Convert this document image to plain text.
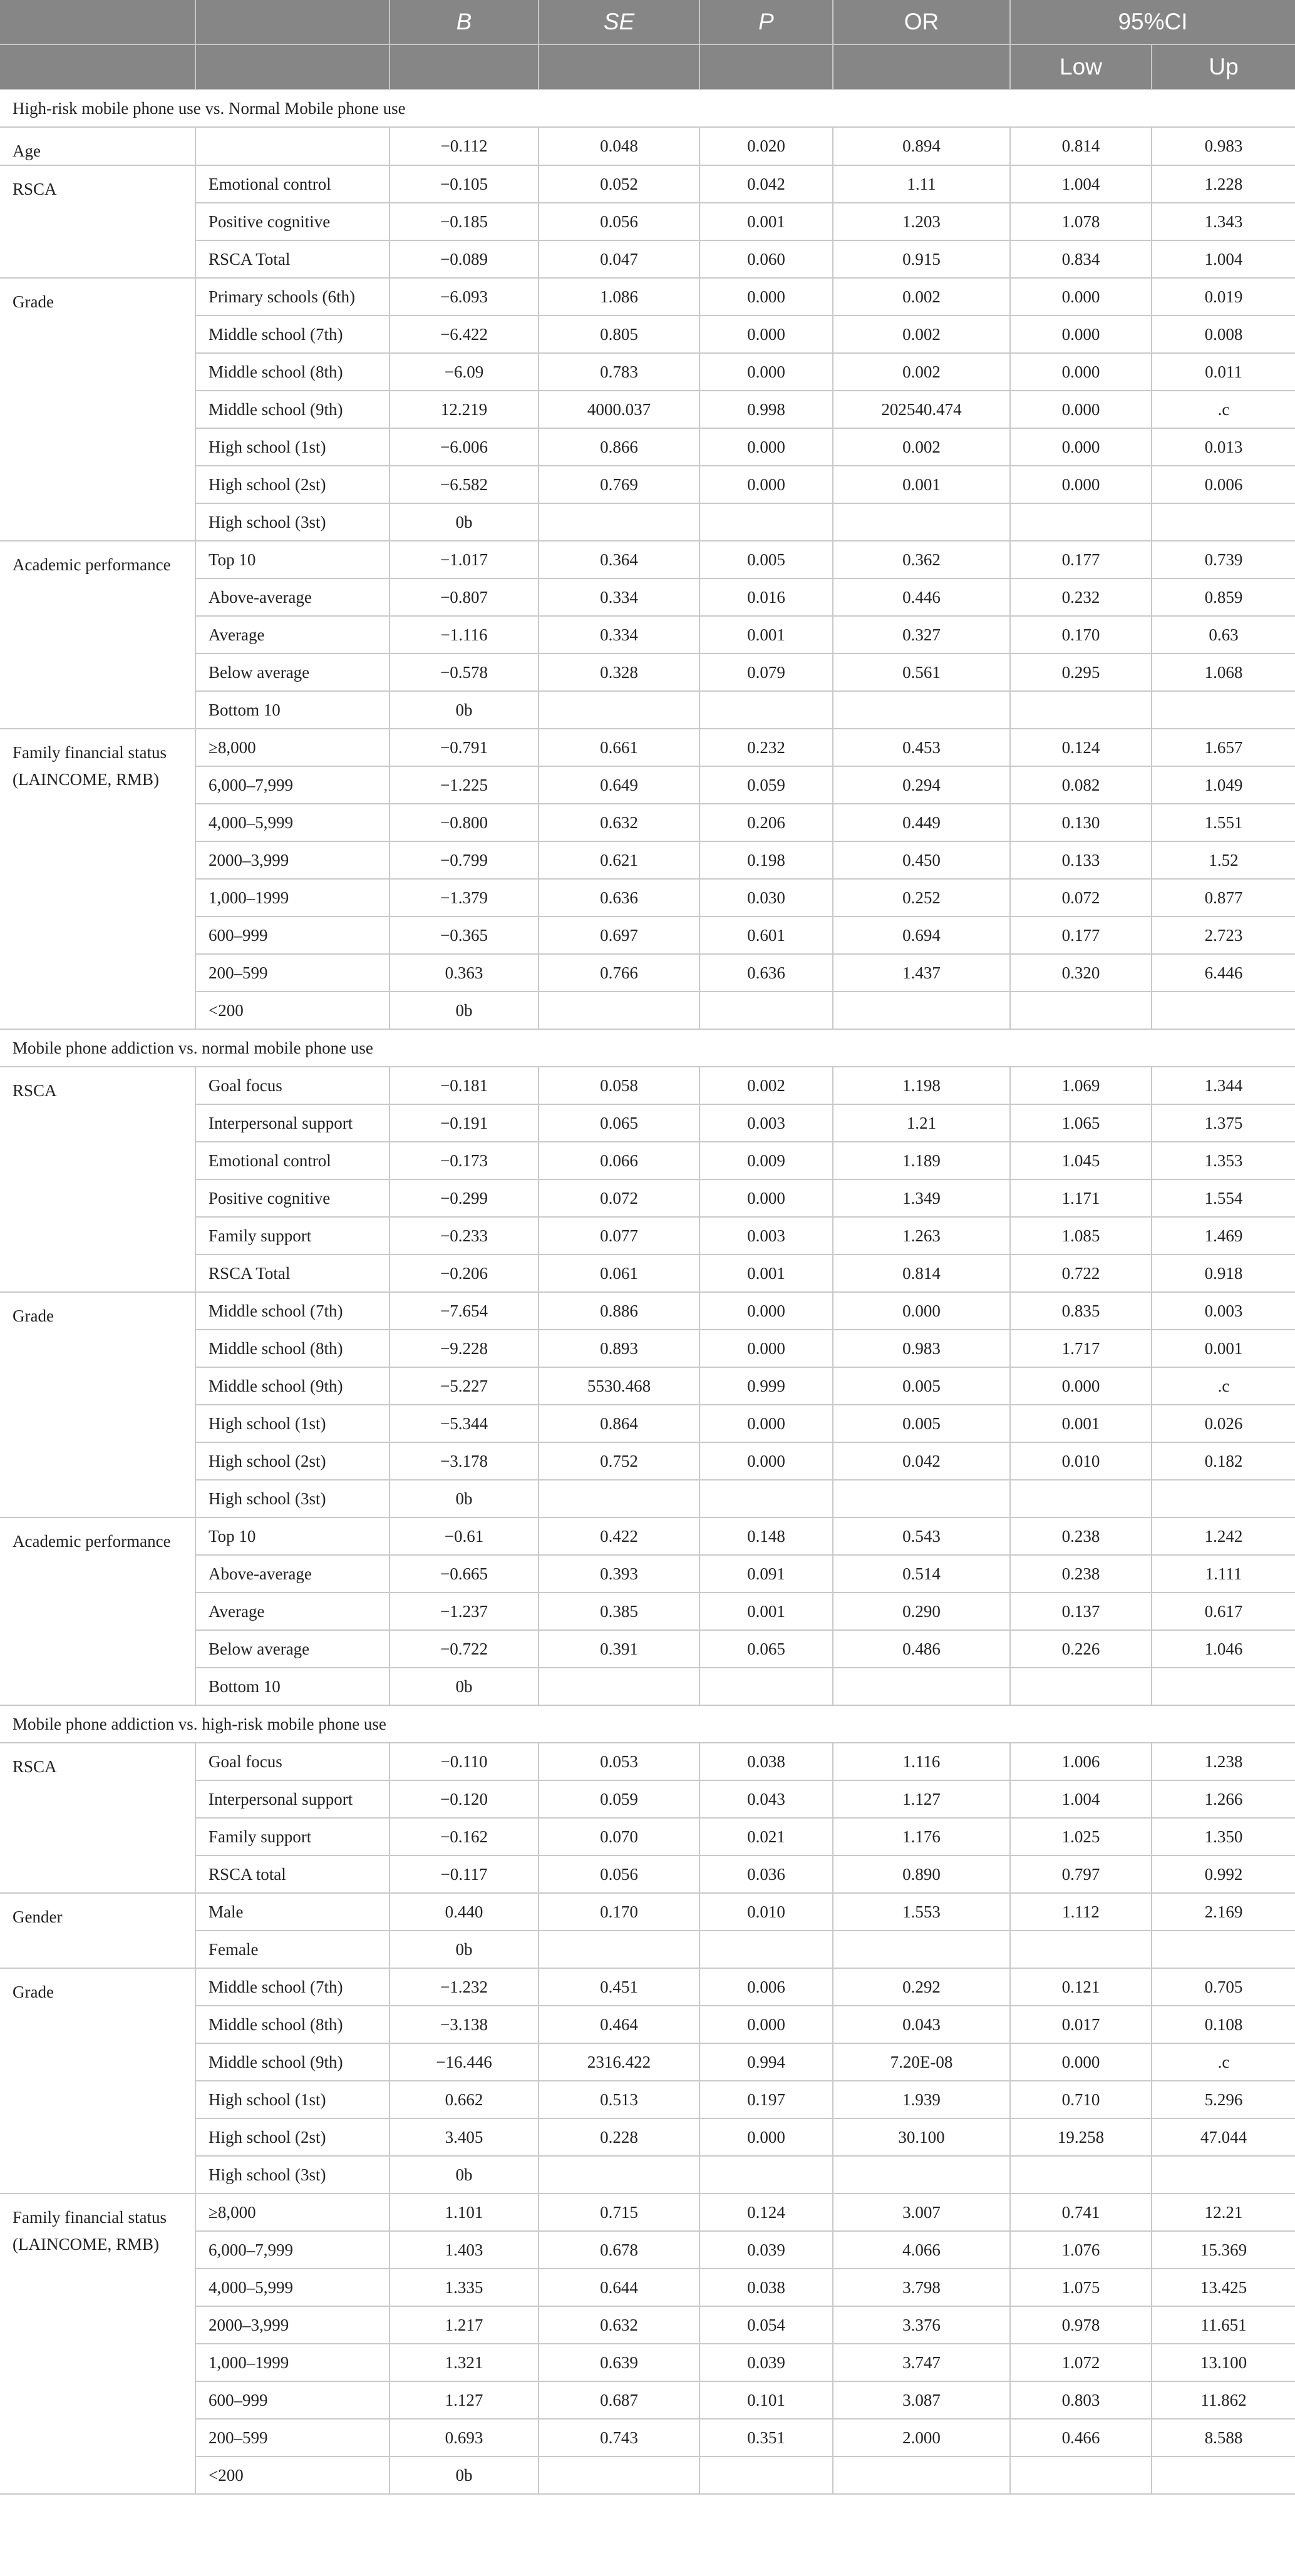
		B	SE	P	OR	95%CI	
						Low	Up
High-risk mobile phone use vs. Normal Mobile phone use							
Age		−0.112	0.048	0.020	0.894	0.814	0.983
RSCA	Emotional control	−0.105	0.052	0.042	1.11	1.004	1.228
	Positive cognitive	−0.185	0.056	0.001	1.203	1.078	1.343
	RSCA Total	−0.089	0.047	0.060	0.915	0.834	1.004
Grade	Primary schools (6th)	−6.093	1.086	0.000	0.002	0.000	0.019
	Middle school (7th)	−6.422	0.805	0.000	0.002	0.000	0.008
	Middle school (8th)	−6.09	0.783	0.000	0.002	0.000	0.011
	Middle school (9th)	12.219	4000.037	0.998	202540.474	0.000	.c
	High school (1st)	−6.006	0.866	0.000	0.002	0.000	0.013
	High school (2st)	−6.582	0.769	0.000	0.001	0.000	0.006
	High school (3st)	0b					
Academic performance	Top 10	−1.017	0.364	0.005	0.362	0.177	0.739
	Above-average	−0.807	0.334	0.016	0.446	0.232	0.859
	Average	−1.116	0.334	0.001	0.327	0.170	0.63
	Below average	−0.578	0.328	0.079	0.561	0.295	1.068
	Bottom 10	0b					
Family financial status (LAINCOME, RMB)	≥8,000	−0.791	0.661	0.232	0.453	0.124	1.657
	6,000–7,999	−1.225	0.649	0.059	0.294	0.082	1.049
	4,000–5,999	−0.800	0.632	0.206	0.449	0.130	1.551
	2000–3,999	−0.799	0.621	0.198	0.450	0.133	1.52
	1,000–1999	−1.379	0.636	0.030	0.252	0.072	0.877
	600–999	−0.365	0.697	0.601	0.694	0.177	2.723
	200–599	0.363	0.766	0.636	1.437	0.320	6.446
	<200	0b					
Mobile phone addiction vs. normal mobile phone use							
RSCA	Goal focus	−0.181	0.058	0.002	1.198	1.069	1.344
	Interpersonal support	−0.191	0.065	0.003	1.21	1.065	1.375
	Emotional control	−0.173	0.066	0.009	1.189	1.045	1.353
	Positive cognitive	−0.299	0.072	0.000	1.349	1.171	1.554
	Family support	−0.233	0.077	0.003	1.263	1.085	1.469
	RSCA Total	−0.206	0.061	0.001	0.814	0.722	0.918
Grade	Middle school (7th)	−7.654	0.886	0.000	0.000	0.835	0.003
	Middle school (8th)	−9.228	0.893	0.000	0.983	1.717	0.001
	Middle school (9th)	−5.227	5530.468	0.999	0.005	0.000	.c
	High school (1st)	−5.344	0.864	0.000	0.005	0.001	0.026
	High school (2st)	−3.178	0.752	0.000	0.042	0.010	0.182
	High school (3st)	0b					
Academic performance	Top 10	−0.61	0.422	0.148	0.543	0.238	1.242
	Above-average	−0.665	0.393	0.091	0.514	0.238	1.111
	Average	−1.237	0.385	0.001	0.290	0.137	0.617
	Below average	−0.722	0.391	0.065	0.486	0.226	1.046
	Bottom 10	0b					
Mobile phone addiction vs. high-risk mobile phone use							
RSCA	Goal focus	−0.110	0.053	0.038	1.116	1.006	1.238
	Interpersonal support	−0.120	0.059	0.043	1.127	1.004	1.266
	Family support	−0.162	0.070	0.021	1.176	1.025	1.350
	RSCA total	−0.117	0.056	0.036	0.890	0.797	0.992
Gender	Male	0.440	0.170	0.010	1.553	1.112	2.169
	Female	0b					
Grade	Middle school (7th)	−1.232	0.451	0.006	0.292	0.121	0.705
	Middle school (8th)	−3.138	0.464	0.000	0.043	0.017	0.108
	Middle school (9th)	−16.446	2316.422	0.994	7.20E-08	0.000	.c
	High school (1st)	0.662	0.513	0.197	1.939	0.710	5.296
	High school (2st)	3.405	0.228	0.000	30.100	19.258	47.044
	High school (3st)	0b					
Family financial status (LAINCOME, RMB)	≥8,000	1.101	0.715	0.124	3.007	0.741	12.21
	6,000–7,999	1.403	0.678	0.039	4.066	1.076	15.369
	4,000–5,999	1.335	0.644	0.038	3.798	1.075	13.425
	2000–3,999	1.217	0.632	0.054	3.376	0.978	11.651
	1,000–1999	1.321	0.639	0.039	3.747	1.072	13.100
	600–999	1.127	0.687	0.101	3.087	0.803	11.862
	200–599	0.693	0.743	0.351	2.000	0.466	8.588
	<200	0b					
